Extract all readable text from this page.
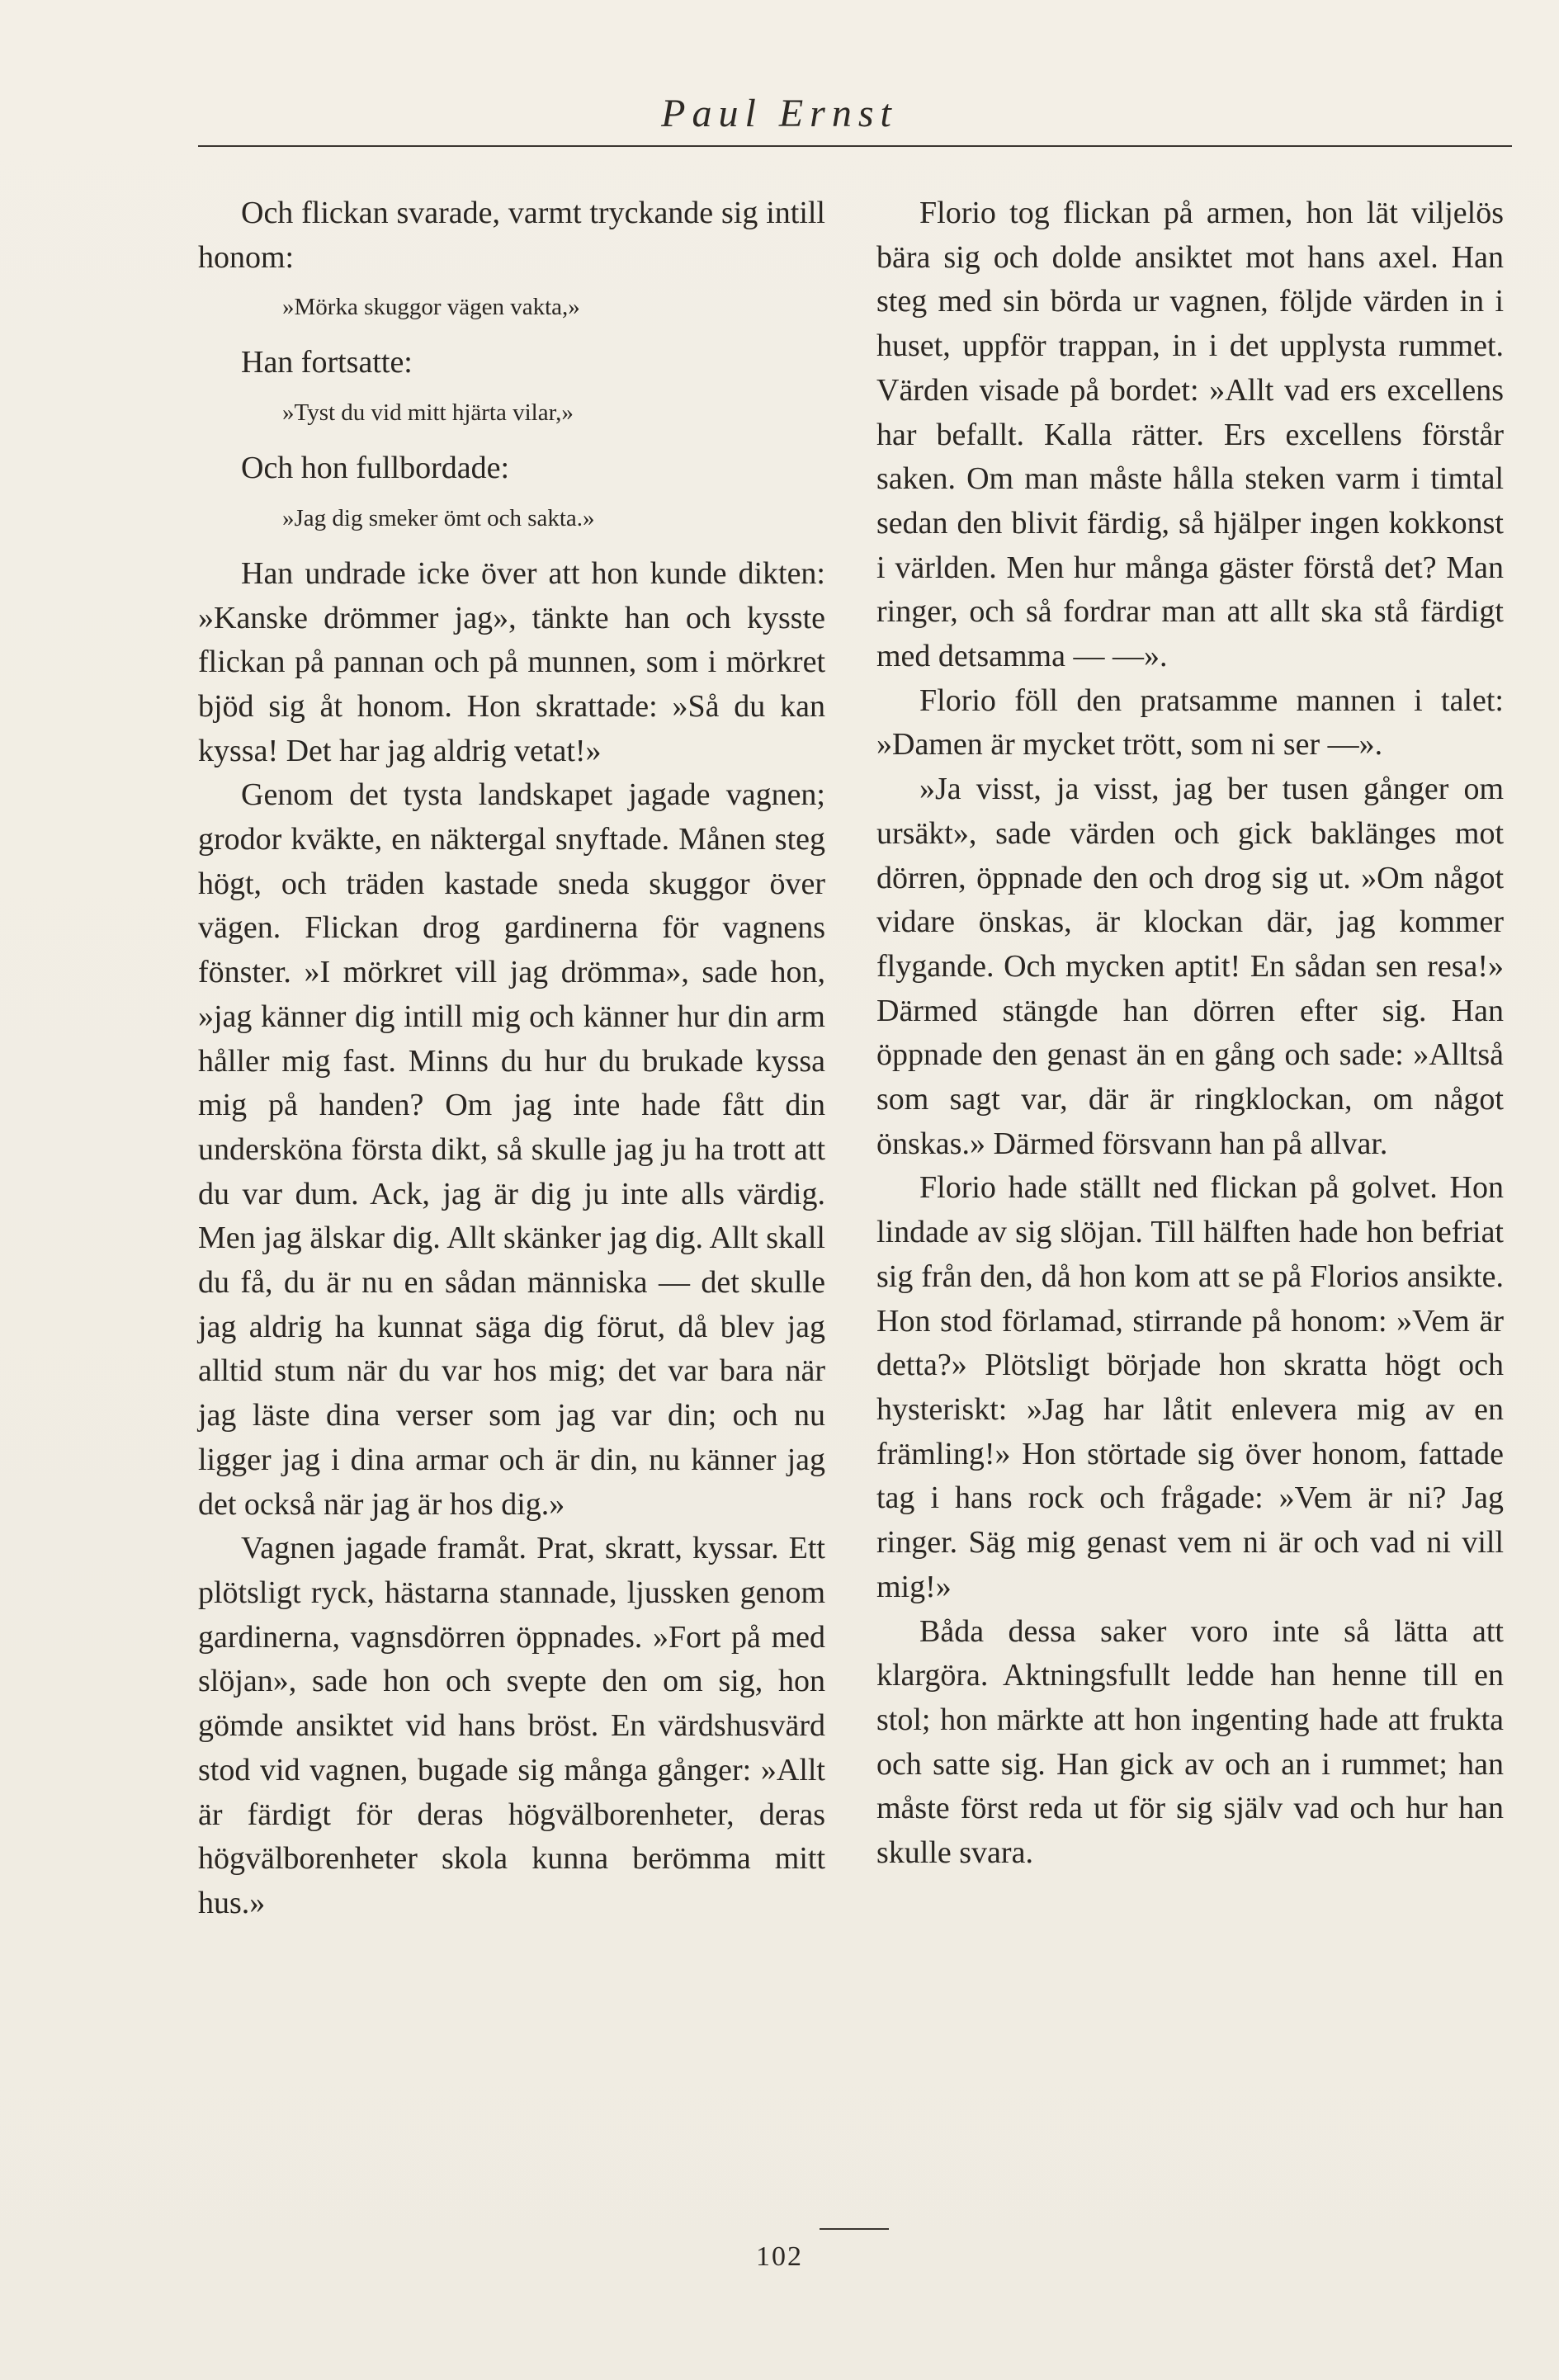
Paul Ernst

Och flickan svarade, varmt tryckande sig intill honom:

»Mörka skuggor vägen vakta,»

Han fortsatte:

»Tyst du vid mitt hjärta vilar,»

Och hon fullbordade:

»Jag dig smeker ömt och sakta.»

Han undrade icke över att hon kunde dikten: »Kanske drömmer jag», tänkte han och kysste flickan på pannan och på munnen, som i mörkret bjöd sig åt honom. Hon skrattade: »Så du kan kyssa! Det har jag aldrig vetat!»

Genom det tysta landskapet jagade vagnen; grodor kväkte, en näktergal snyftade. Månen steg högt, och träden kastade sneda skuggor över vägen. Flickan drog gardinerna för vagnens fönster. »I mörkret vill jag drömma», sade hon, »jag känner dig intill mig och känner hur din arm håller mig fast. Minns du hur du brukade kyssa mig på handen? Om jag inte hade fått din underskönа första dikt, så skulle jag ju ha trott att du var dum. Ack, jag är dig ju inte alls värdig. Men jag älskar dig. Allt skänker jag dig. Allt skall du få, du är nu en sådan människa — det skulle jag aldrig ha kunnat säga dig förut, då blev jag alltid stum när du var hos mig; det var bara när jag läste dina verser som jag var din; och nu ligger jag i dina armar och är din, nu känner jag det också när jag är hos dig.»

Vagnen jagade framåt. Prat, skratt, kyssar. Ett plötsligt ryck, hästarna stannade, ljussken genom gardinerna, vagnsdörren öppnades. »Fort på med slöjan», sade hon och svepte den om sig, hon gömde ansiktet vid hans bröst. En värdshusvärd stod vid vagnen, bugade sig många gånger: »Allt är färdigt för deras högvälborenheter, deras högvälborenheter skola kunna berömma mitt hus.»

Florio tog flickan på armen, hon lät viljelös bära sig och dolde ansiktet mot hans axel. Han steg med sin börda ur vagnen, följde värden in i huset, uppför trappan, in i det upplysta rummet. Värden visade på bordet: »Allt vad ers excellens har befallt. Kalla rätter. Ers excellens förstår saken. Om man måste hålla steken varm i timtal sedan den blivit färdig, så hjälper ingen kokkonst i världen. Men hur många gäster förstå det? Man ringer, och så fordrar man att allt ska stå färdigt med detsamma — —».

Florio föll den pratsamme mannen i talet: »Damen är mycket trött, som ni ser —».

»Ja visst, ja visst, jag ber tusen gånger om ursäkt», sade värden och gick baklänges mot dörren, öppnade den och drog sig ut. »Om något vidare önskas, är klockan där, jag kommer flygande. Och mycken aptit! En sådan sen resa!» Därmed stängde han dörren efter sig. Han öppnade den genast än en gång och sade: »Alltså som sagt var, där är ringklockan, om något önskas.» Därmed försvann han på allvar.

Florio hade ställt ned flickan på golvet. Hon lindade av sig slöjan. Till hälften hade hon befriat sig från den, då hon kom att se på Florios ansikte. Hon stod förlamad, stirrande på honom: »Vem är detta?» Plötsligt började hon skratta högt och hysteriskt: »Jag har låtit enlevera mig av en främling!» Hon störtade sig över honom, fattade tag i hans rock och frågade: »Vem är ni? Jag ringer. Säg mig genast vem ni är och vad ni vill mig!»

Båda dessa saker voro inte så lätta att klargöra. Aktningsfullt ledde han henne till en stol; hon märkte att hon ingenting hade att frukta och satte sig. Han gick av och an i rummet; han måste först reda ut för sig själv vad och hur han skulle svara.

102
